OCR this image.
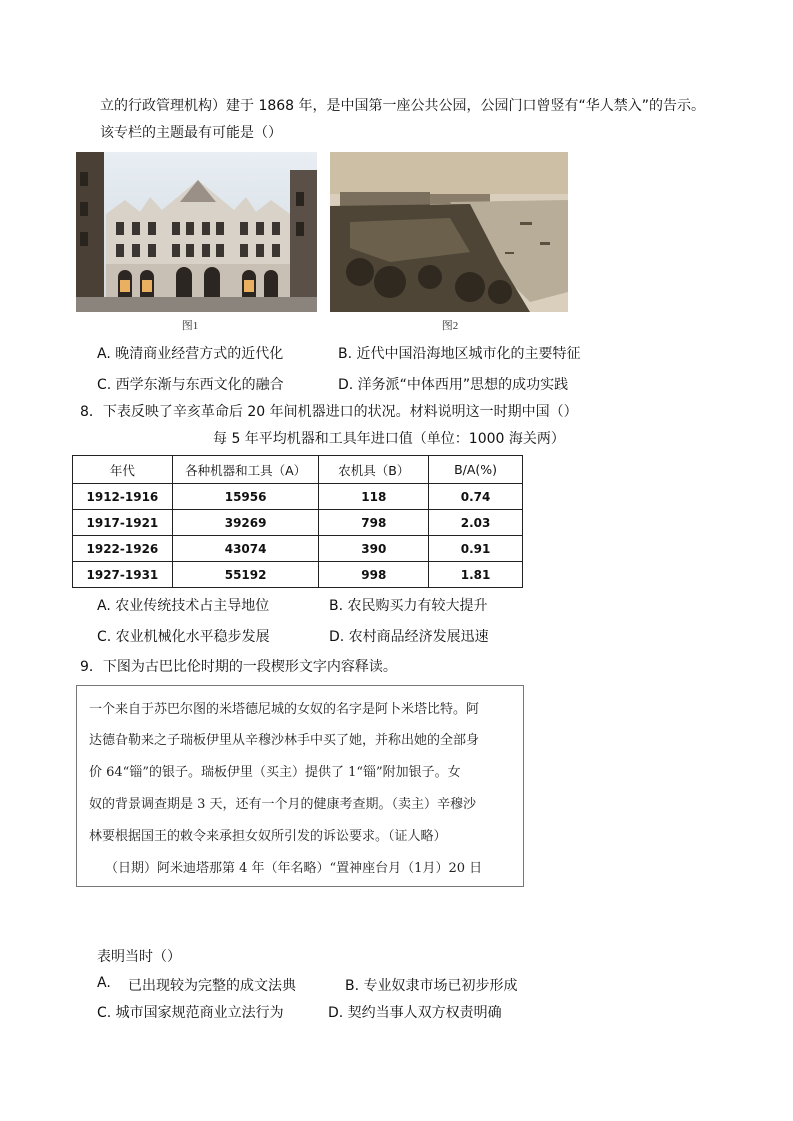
立的行政管理机构）建于 1868 年，是中国第一座公共公园，公园门口曾竖有“华人禁入”的告示。
该专栏的主题最有可能是（）
图1	图2
A. 晚清商业经营方式的近代化	B. 近代中国沿海地区城市化的主要特征
C. 西学东渐与东西文化的融合	D. 洋务派“中体西用”思想的成功实践
8．下表反映了辛亥革命后 20 年间机器进口的状况。材料说明这一时期中国（）
每 5 年平均机器和工具年进口值（单位：1000 海关两）
年代	各种机器和工具（A）	农机具（B）	B/A(%)
1912-1916	15956	118	0.74
1917-1921	39269	798	2.03
1922-1926	43074	390	0.91
1927-1931	55192	998	1.81
A. 农业传统技术占主导地位	B. 农民购买力有较大提升
C. 农业机械化水平稳步发展	D. 农村商品经济发展迅速
9．下图为古巴比伦时期的一段楔形文字内容释读。
一个来自于苏巴尔图的米塔德尼城的女奴的名字是阿卜米塔比特。阿
达德旮勒来之子瑞板伊里从辛穆沙林手中买了她，并称出她的全部身
价 64“锱”的银子。瑞板伊里（买主）提供了 1“锱”附加银子。女
奴的背景调查期是 3 天，还有一个月的健康考查期。（卖主）辛穆沙
林要根据国王的敕令来承担女奴所引发的诉讼要求。（证人略）
（日期）阿米迪塔那第 4 年（年名略）“置神座台月（1月）20 日
表明当时（）
A. 已出现较为完整的成文法典	B. 专业奴隶市场已初步形成
C. 城市国家规范商业立法行为	D. 契约当事人双方权责明确
